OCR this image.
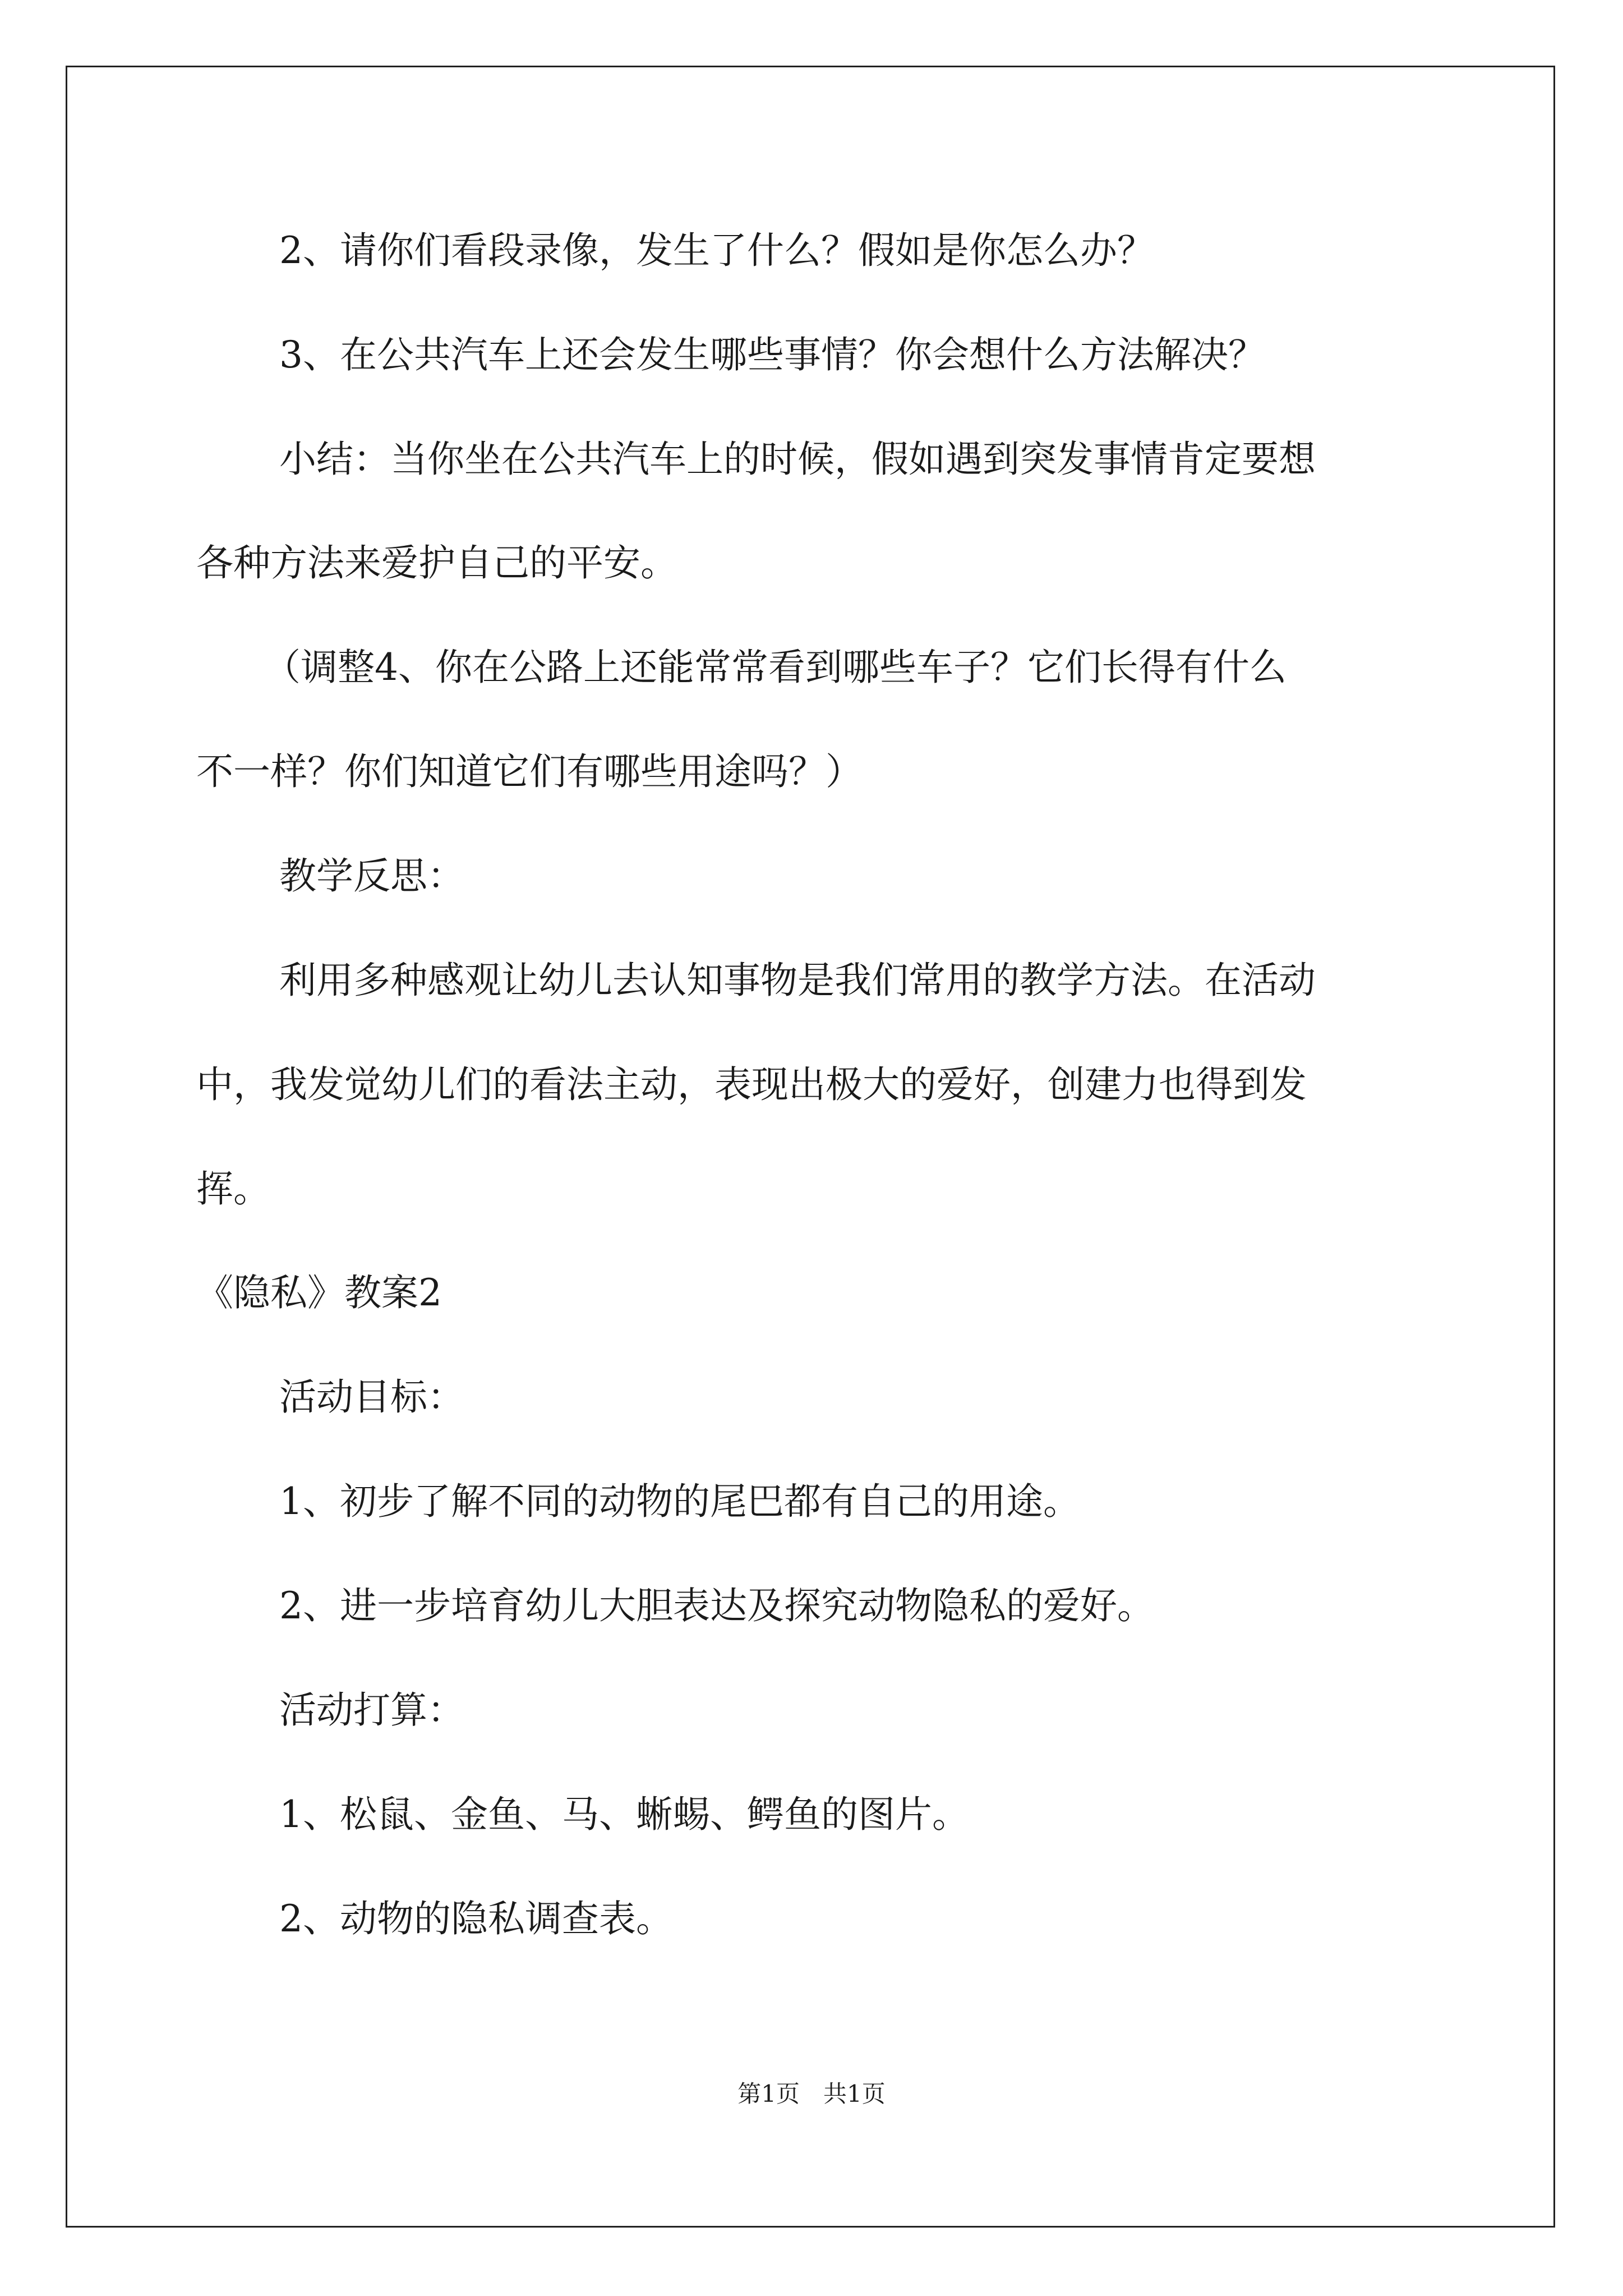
2、请你们看段录像，发生了什么？假如是你怎么办？
3、在公共汽车上还会发生哪些事情？你会想什么方法解决？
小结：当你坐在公共汽车上的时候，假如遇到突发事情肯定要想
各种方法来爱护自己的平安。
（调整4、你在公路上还能常常看到哪些车子？它们长得有什么
不一样？你们知道它们有哪些用途吗？）
教学反思：
利用多种感观让幼儿去认知事物是我们常用的教学方法。在活动
中，我发觉幼儿们的看法主动，表现出极大的爱好，创建力也得到发
挥。
《隐私》教案2
活动目标：
1、初步了解不同的动物的尾巴都有自己的用途。
2、进一步培育幼儿大胆表达及探究动物隐私的爱好。
活动打算：
1、松鼠、金鱼、马、蜥蜴、鳄鱼的图片。
2、动物的隐私调查表。
第1页　共1页
